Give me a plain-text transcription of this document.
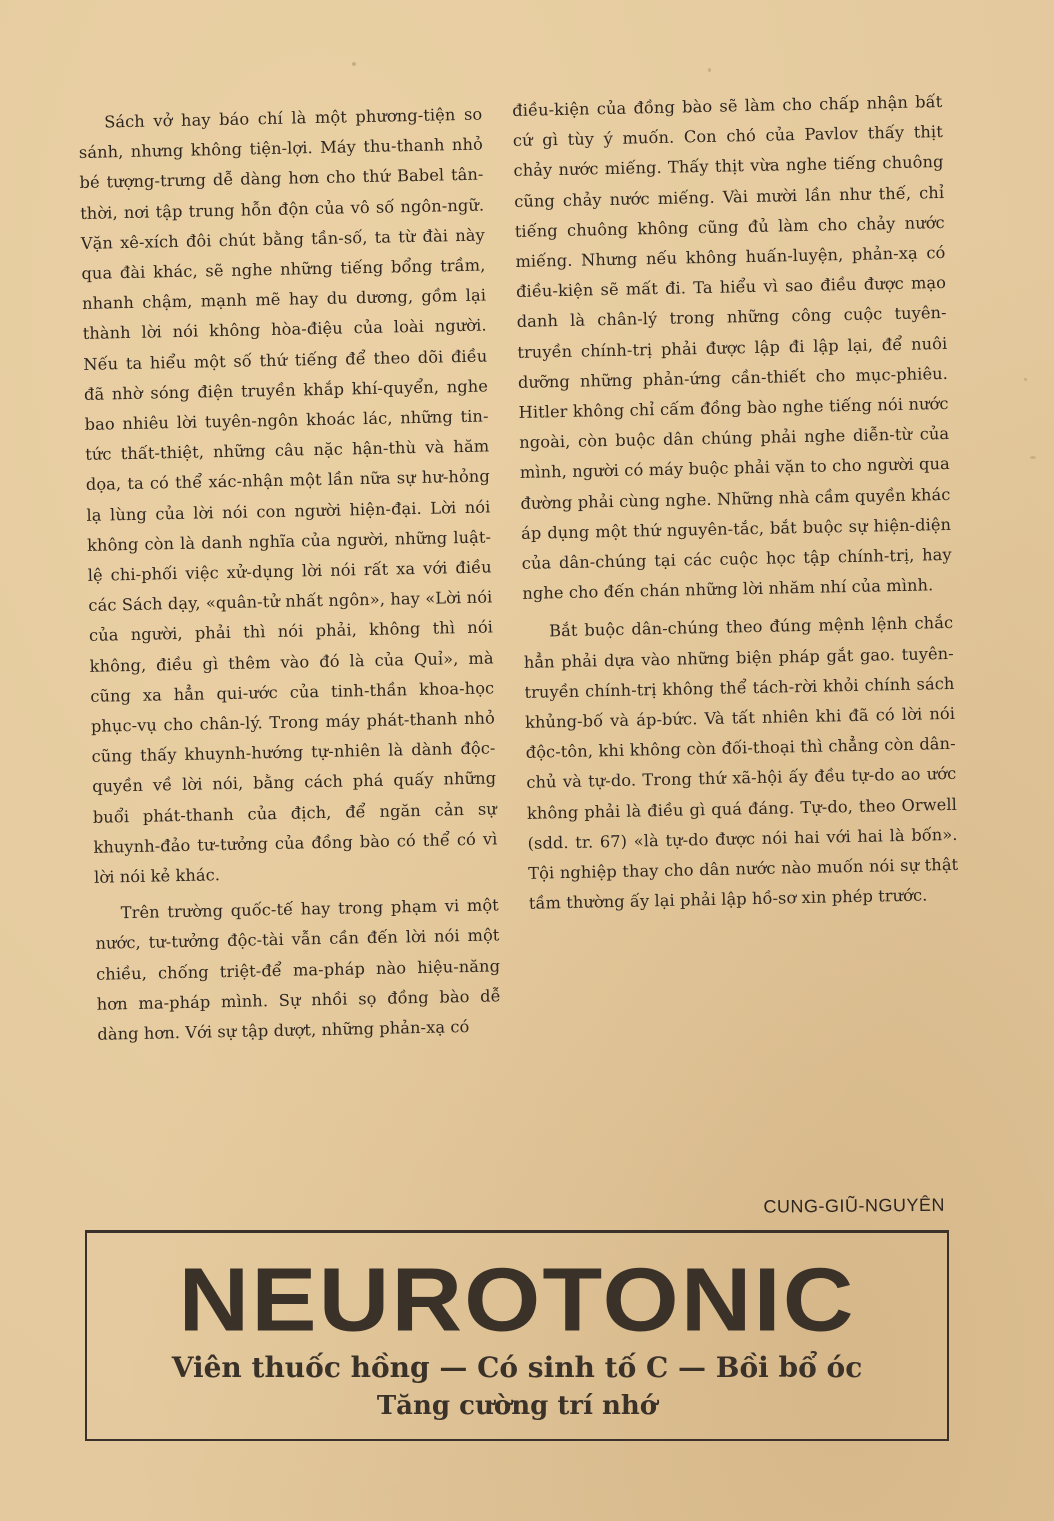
Sách vở hay báo chí là một phương-tiện so sánh, nhưng không tiện-lợi. Máy thu-thanh nhỏ bé tượng-trưng dễ dàng hơn cho thứ Babel tân-thời, nơi tập trung hỗn độn của vô số ngôn-ngữ. Vặn xê-xích đôi chút bằng tần-số, ta từ đài này qua đài khác, sẽ nghe những tiếng bổng trầm, nhanh chậm, mạnh mẽ hay du dương, gồm lại thành lời nói không hòa-điệu của loài người. Nếu ta hiểu một số thứ tiếng để theo dõi điều đã nhờ sóng điện truyền khắp khí-quyển, nghe bao nhiêu lời tuyên-ngôn khoác lác, những tin-tức thất-thiệt, những câu nặc hận-thù và hăm dọa, ta có thể xác-nhận một lần nữa sự hư-hỏng lạ lùng của lời nói con người hiện-đại. Lời nói không còn là danh nghĩa của người, những luật-lệ chi-phối việc xử-dụng lời nói rất xa với điều các Sách dạy, «quân-tử nhất ngôn», hay «Lời nói của người, phải thì nói phải, không thì nói không, điều gì thêm vào đó là của Quỉ», mà cũng xa hẳn qui-ước của tinh-thần khoa-học phục-vụ cho chân-lý. Trong máy phát-thanh nhỏ cũng thấy khuynh-hướng tự-nhiên là dành độc-quyền về lời nói, bằng cách phá quấy những buổi phát-thanh của địch, để ngăn cản sự khuynh-đảo tư-tưởng của đồng bào có thể có vì lời nói kẻ khác.

Trên trường quốc-tế hay trong phạm vi một nước, tư-tưởng độc-tài vẫn cần đến lời nói một chiều, chống triệt-để ma-pháp nào hiệu-năng hơn ma-pháp mình. Sự nhồi sọ đồng bào dễ dàng hơn. Với sự tập dượt, những phản-xạ có

điều-kiện của đồng bào sẽ làm cho chấp nhận bất cứ gì tùy ý muốn. Con chó của Pavlov thấy thịt chảy nước miếng. Thấy thịt vừa nghe tiếng chuông cũng chảy nước miếng. Vài mười lần như thế, chỉ tiếng chuông không cũng đủ làm cho chảy nước miếng. Nhưng nếu không huấn-luyện, phản-xạ có điều-kiện sẽ mất đi. Ta hiểu vì sao điều được mạo danh là chân-lý trong những công cuộc tuyên-truyền chính-trị phải được lập đi lập lại, để nuôi dưỡng những phản-ứng cần-thiết cho mục-phiêu. Hitler không chỉ cấm đồng bào nghe tiếng nói nước ngoài, còn buộc dân chúng phải nghe diễn-từ của mình, người có máy buộc phải vặn to cho người qua đường phải cùng nghe. Những nhà cầm quyền khác áp dụng một thứ nguyên-tắc, bắt buộc sự hiện-diện của dân-chúng tại các cuộc học tập chính-trị, hay nghe cho đến chán những lời nhăm nhí của mình.

Bắt buộc dân-chúng theo đúng mệnh lệnh chắc hẳn phải dựa vào những biện pháp gắt gao. tuyên-truyền chính-trị không thể tách-rời khỏi chính sách khủng-bố và áp-bức. Và tất nhiên khi đã có lời nói độc-tôn, khi không còn đối-thoại thì chẳng còn dân-chủ và tự-do. Trong thứ xã-hội ấy đều tự-do ao ước không phải là điều gì quá đáng. Tự-do, theo Orwell (sdd. tr. 67) «là tự-do được nói hai với hai là bốn». Tội nghiệp thay cho dân nước nào muốn nói sự thật tầm thường ấy lại phải lập hồ-sơ xin phép trước.

CUNG-GIŨ-NGUYÊN
NEUROTONIC
Viên thuốc hồng — Có sinh tố C — Bồi bổ óc
Tăng cường trí nhớ
